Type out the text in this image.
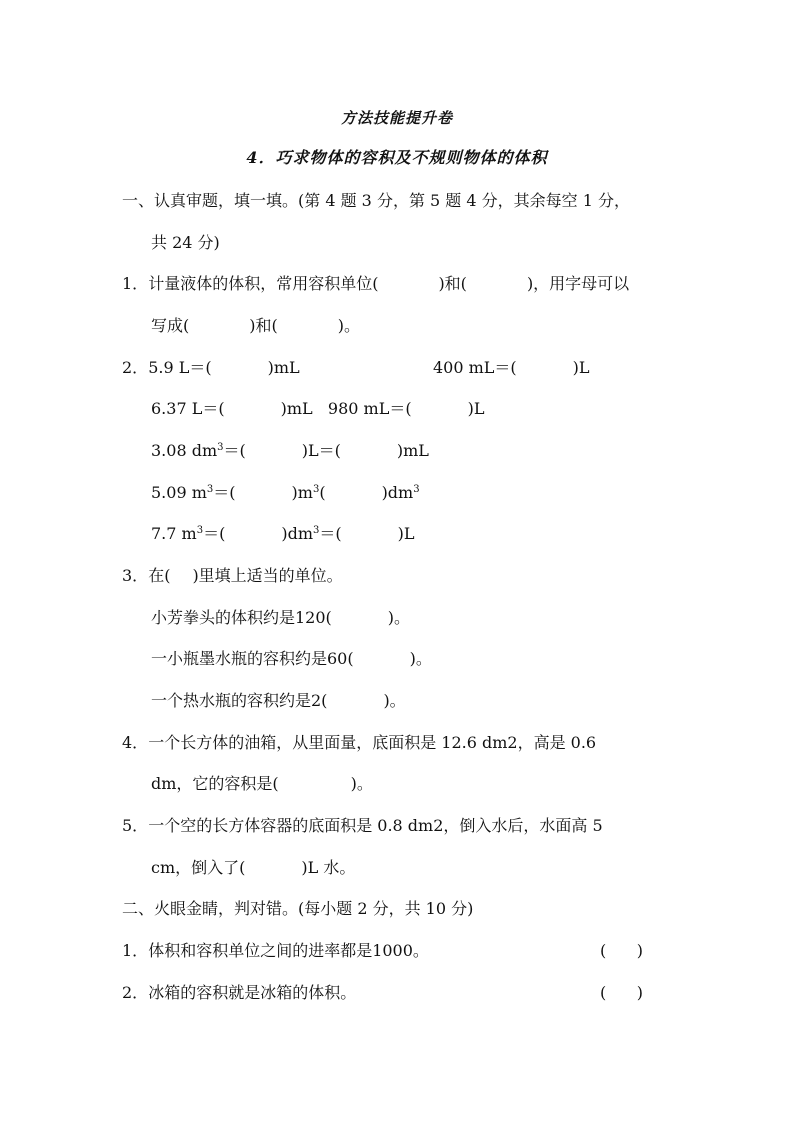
方法技能提升卷
4．巧求物体的容积及不规则物体的体积
一、认真审题，填一填。(第 4 题 3 分，第 5 题 4 分，其余每空 1 分，
共 24 分)
1．计量液体的体积，常用容积单位(	)和(	)，用字母可以
写成(	)和(	)。
2．5.9 L＝(	)mL	400 mL＝(	)L
6.37 L＝(	)mL 980 mL＝(	)L
3.08 $dm^3=$(	)L＝(	)mL
5.09 $m^3=$(	)$m^3$(	)$dm^3$
7.7 $m^3=$(	)$dm^3=$(	)L
3．在( )里填上适当的单位。
小芳拳头的体积约是120(	)。
一小瓶墨水瓶的容积约是60(	)。
一个热水瓶的容积约是2(	)。
4．一个长方体的油箱，从里面量，底面积是 12.6 dm2，高是 0.6
dm，它的容积是(	)。
5．一个空的长方体容器的底面积是 0.8 dm2，倒入水后，水面高 5
cm，倒入了(	)L 水。
二、火眼金睛，判对错。(每小题 2 分，共 10 分)
1．体积和容积单位之间的进率都是1000。	(      )
2．冰箱的容积就是冰箱的体积。	(      )
